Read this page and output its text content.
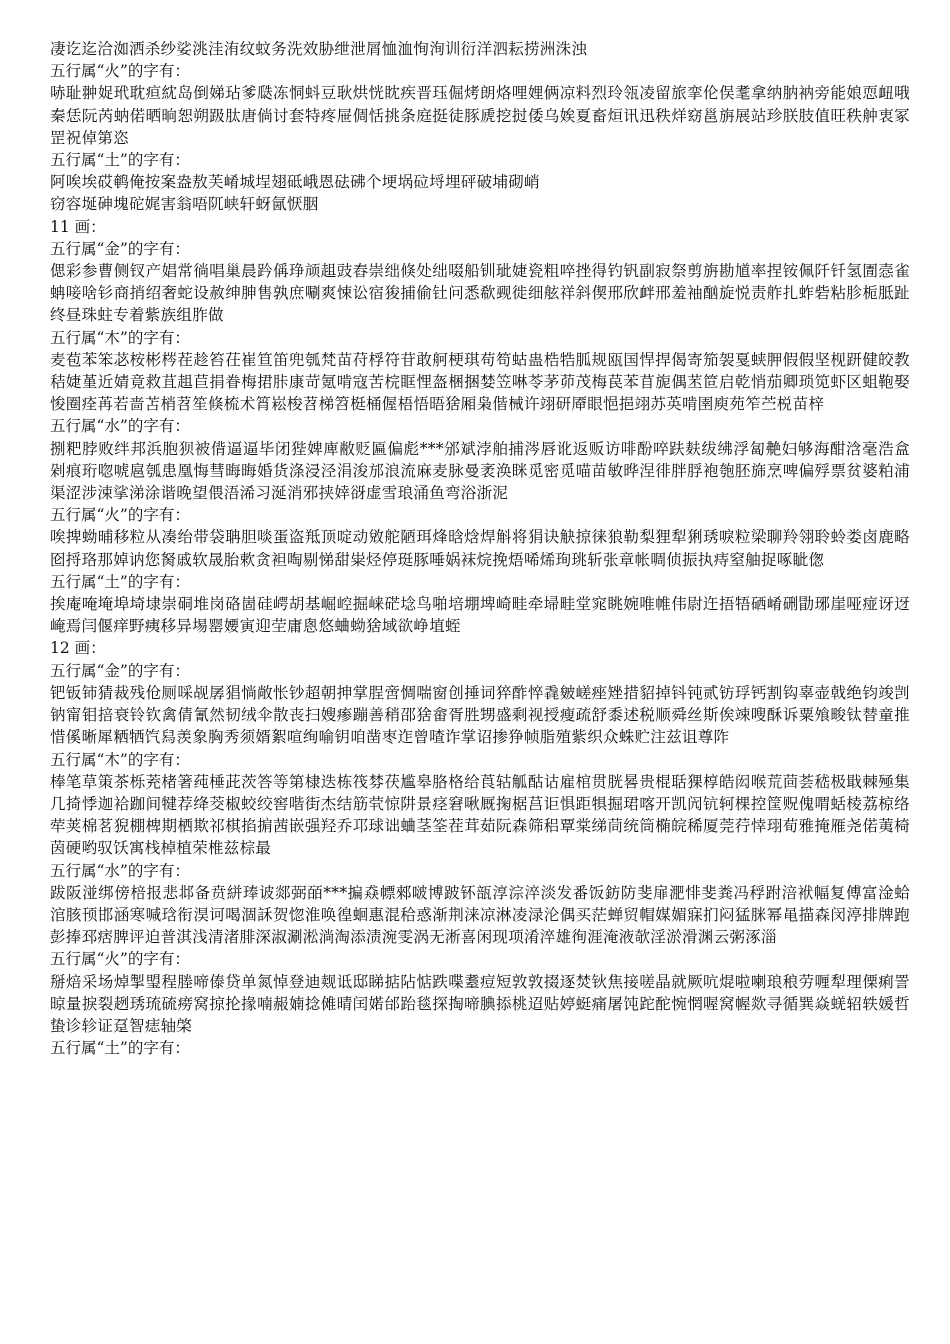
凄讫迄洽洳洒杀纱娑洮洼洧纹蚊务洗效胁绁泄屑恤洫恂洵训衍洋泗耘捞洲洙浊
五行属“火”的字有：
哧耻翀娖玳耽疸紞岛倒娣玷爹瓞冻恫蚪豆耿烘恍眈疾晋珏倔烤朗烙哩娌俩凉料烈玲瓴凌留旅挛伦俣耄拿纳肭衲旁能娘恧衄哦秦恁阮芮蚋偌晒晌恕朔趿肽唐倘讨套特疼屉倜恬挑条庭挺徒豚虒挖挝倭乌娭夏畜烜讯迅秩烊窈邕旃展站珍朕肢值旺秩舯衷冢罡祝倬第恣
五行属“土”的字有：
阿唉埃砹鹌俺按案盎敖芙崤城埕翅砥峨恩砝砩个埂埚砬埒埋砰破埔砌峭
窃容埏砷塊砣娓害翁唔阢峡轩蚜氤恹胭
11 画：
五行属“金”的字有：
偲彩参曹侧钗产娼常徜唱巢晨趻偁琤颃趄豉舂崇绌倏处绌啜船钏玼婕瓷粗啐挫得钓钒副寂祭剪旃勘馗率捏铵佩阡钎氢圊悫雀蚺唼啥钐商捎绍奢蛇设赦绅胂售孰庶唰爽悚讼宿狻捕偷钍问悉欷觋徙细舷祥斜偰邢欣衅邢羞袖酗旋悦责舴扎蚱砦粘胗栀胝趾终昼珠蛀专着紫族组胙做
五行属“木”的字有：
麦苞苯笨苾桉彬梣茬趁笞茌崔笪笛兜瓠梵苗苻桴符苷敢舸梗琪苟笱蛄蛊梏牿胍规瓯国悍捍偈寄笳袈戛蛱胛假假坚枧趼健皎教秸婕堇近婧竟救苴趄苣捐眷梅捃胩康苛氪啃寇苦梡眶悝盔梱捆婪笠啉苓茅茆茂梅苠苯苜旎偶苤笸启乾悄茄卿琐笕虾区蛆鞄娶悛圈痊苒若啬苫梢苕笙倏梳术筲崧梭苕梯笤梃桶偓梧悟晤猞厢枭偕械许翊研厣眼悒挹翊苏英啃圉庾苑笮苎棁苗梓
五行属“水”的字有：
捌粑脖败绊邦浜胞狈被偝逼逼毕闭狴婢庳敝贬匾偏彪***邠斌浡舶捕涔唇讹返贩访啡酚啐趺麸绂绋浮匐艴妇够海酣浛毫浩盒剁痕珩唿唬扈瓠患凰悔彗晦晦婚货涤浸泾涓浚邡浪流麻麦脉曼袤涣眯觅密觅喵苗敏晔涅徘胖脬袍匏胚旆烹啤偏殍票贫婆粕浦渠涩涉涑挲涕涂谐晚望偎浯浠习涎消邪挟婞谺虚雪琅涌鱼弯浴浙泥
五行属“火”的字有：
唉捭蚴晡移粒从凑绐带袋聃胆啖蛋盗羝顶啶动敓舵陋珥烽晗焓焊斛将狷诀觖掠徕狼勒梨狸犁猁琇唳粒梁聊羚翎聆蛉娄卤鹿略囵捋珞那婥讷您胬戚软晟胎欶贪袒啕剔悌甜粜烃停珽豚唾娲袜烷挽焐唏烯珣珧斩张章帐啁侦振执痔窒舳捉啄眦偬
五行属“土”的字有：
挨庵唵埯埠埼埭崇硐堆岗硌崮硅崿胡基崛崆掘崃硭埝鸟啪培堋埤崎畦牵埽畦堂窕眺婉唯帷伟尉迕捂牾硒崤硎勖琊崖哑痖讶迓崦焉闫偃痒野痍移异埸罂婹寅迎茔庸悤悠蛐蚴猞域欲峥埴蛭
12 画：
五行属“金”的字有：
钯钣铈猜裁残伧厕啋觇孱猖惝敞怅钞超朝抻掌脭啻惆喘窗创捶词猝酢悴毳皴嵯痤矬措貂掉钭钝贰钫琈钙割钩辜壶戟绝钧竣剀钠甯钼掊衰铃钦禽倩氰然韧绒伞散丧扫嫂瘆蹦善稍邵猞畲胥胜甥盛剩视授瘦疏舒黍述税顺舜丝斯俟竦嗖酥诉粟飧畯钛替童推惜傒晰犀粞牺饩舄羡象胸秀须婿絮喧绚喻钥咱凿枣迮曾喳诈掌诏掺狰帧脂殖紫织众蛛贮注兹诅尊阼
五行属“木”的字有：
棒笔草策茶栎茺楮箸莼棰茈茨答等第棣迭栋筏棼茯尴皋胳格给莨轱觚酤诂雇棺贯胱晷贵棍聒猓椁皓闳喉荒茴荟嵇极戢棘殛集几掎悸迦袷跏间犍荐绛茭椒蛟绞窖喈街杰结筋茕惊阱景痉窘啾厩掬椐莒讵惧距犋掘珺喀开凯闶钪轲棵控筐贶傀喟蛞棱荔椋络荦荚棉茗猊棚椑期栖欺祁棋掐掮茜嵌强羟乔邛球诎蛐茎筌茬茸茹阮森筛稆覃棠绨茼统筒椭皖稀厦莞荇悻珝荀雅掩雁尧偌荑椅茵硬哟驭饫寓栈棹植荣椎兹棕最
五行属“水”的字有：
跋阪湴绑傍棓报悲邶备贲絣琫诐郯弼皕***揙猋幖郲啵博跛钚瓿淳淙淬淡发番饭鈁防斐扉淝悱斐粪冯稃跗涪袱幅复傅富淦蛤涫胲顸邯涵寒喊琀衔淏诃喝涸訸贺惚淮唤徨蛔惠混秴惑渐荆涞凉淋凌渌沦偶买茫蝉贸帽媒媚寐扪闷猛脒幂黾描森闵渟排牌跑彭捧邳痞脾评迫普淇浅清渚腓深淑涮淞淌淘添渍涴雯涡无淅喜闲现项淆淬雄徇涯淹液欹淫淤滑渊云粥涿淄
五行属“火”的字有：
掰焙采场焯掣琞程塍啼傣贷单氮悼登迪觌诋邸睇掂阽惦跌喋耋痘短敦敦掇逐焚钬焦接嗟晶就厥吭焜啦喇琅稂劳喱犁理傈痢詈晾量捩裂趔琇琉硫痨窝掠抡掾喃赧婻捻傩晴闰婼邰跆毯探掏啼腆掭桃迢贴婷蜓痛屠饨跎酡惋惘喔窝幄欻寻循巽焱蜣轺轶媛哲蛰诊轸证趸智痣轴棨
五行属“土”的字有：
